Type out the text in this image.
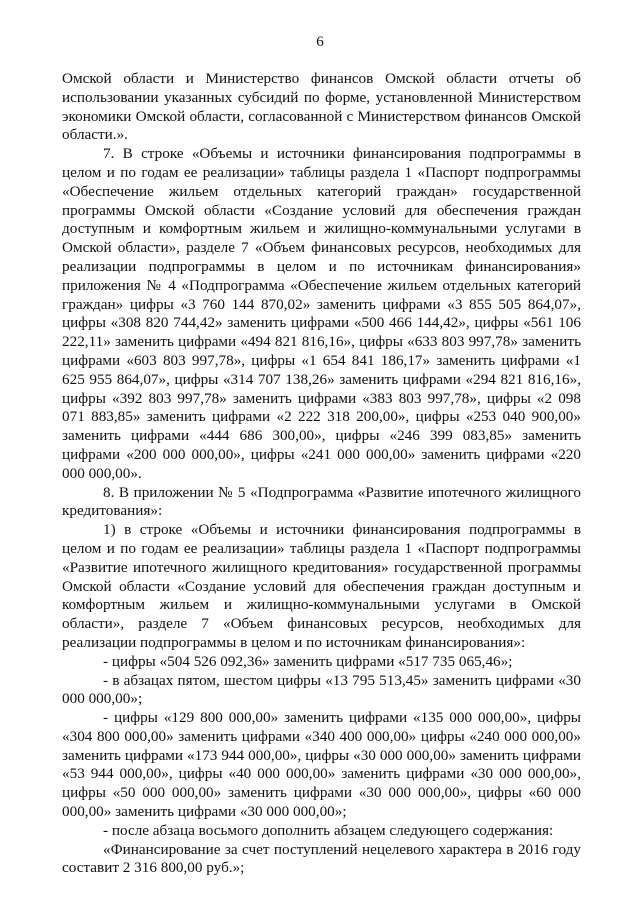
6

Омской области и Министерство финансов Омской области отчеты об использовании указанных субсидий по форме, установленной Министерством экономики Омской области, согласованной с Министерством финансов Омской области.».

7. В строке «Объемы и источники финансирования подпрограммы в целом и по годам ее реализации» таблицы раздела 1 «Паспорт подпрограммы «Обеспечение жильем отдельных категорий граждан» государственной программы Омской области «Создание условий для обеспечения граждан доступным и комфортным жильем и жилищно-коммунальными услугами в Омской области», разделе 7 «Объем финансовых ресурсов, необходимых для реализации подпрограммы в целом и по источникам финансирования» приложения № 4 «Подпрограмма «Обеспечение жильем отдельных категорий граждан» цифры «3 760 144 870,02» заменить цифрами «3 855 505 864,07», цифры «308 820 744,42» заменить цифрами «500 466 144,42», цифры «561 106 222,11» заменить цифрами «494 821 816,16», цифры «633 803 997,78» заменить цифрами «603 803 997,78», цифры «1 654 841 186,17» заменить цифрами «1 625 955 864,07», цифры «314 707 138,26» заменить цифрами «294 821 816,16», цифры «392 803 997,78» заменить цифрами «383 803 997,78», цифры «2 098 071 883,85» заменить цифрами «2 222 318 200,00», цифры «253 040 900,00» заменить цифрами «444 686 300,00», цифры «246 399 083,85» заменить цифрами «200 000 000,00», цифры «241 000 000,00» заменить цифрами «220 000 000,00».

8. В приложении № 5 «Подпрограмма «Развитие ипотечного жилищного кредитования»:

1) в строке «Объемы и источники финансирования подпрограммы в целом и по годам ее реализации» таблицы раздела 1 «Паспорт подпрограммы «Развитие ипотечного жилищного кредитования» государственной программы Омской области «Создание условий для обеспечения граждан доступным и комфортным жильем и жилищно-коммунальными услугами в Омской области», разделе 7 «Объем финансовых ресурсов, необходимых для реализации подпрограммы в целом и по источникам финансирования»:

- цифры «504 526 092,36» заменить цифрами «517 735 065,46»;

- в абзацах пятом, шестом цифры «13 795 513,45» заменить цифрами «30 000 000,00»;

- цифры «129 800 000,00» заменить цифрами «135 000 000,00», цифры «304 800 000,00» заменить цифрами «340 400 000,00» цифры «240 000 000,00» заменить цифрами «173 944 000,00», цифры «30 000 000,00» заменить цифрами «53 944 000,00», цифры «40 000 000,00» заменить цифрами «30 000 000,00», цифры «50 000 000,00» заменить цифрами «30 000 000,00», цифры «60 000 000,00» заменить цифрами «30 000 000,00»;

- после абзаца восьмого дополнить абзацем следующего содержания:

«Финансирование за счет поступлений нецелевого характера в 2016 году составит 2 316 800,00 руб.»;
